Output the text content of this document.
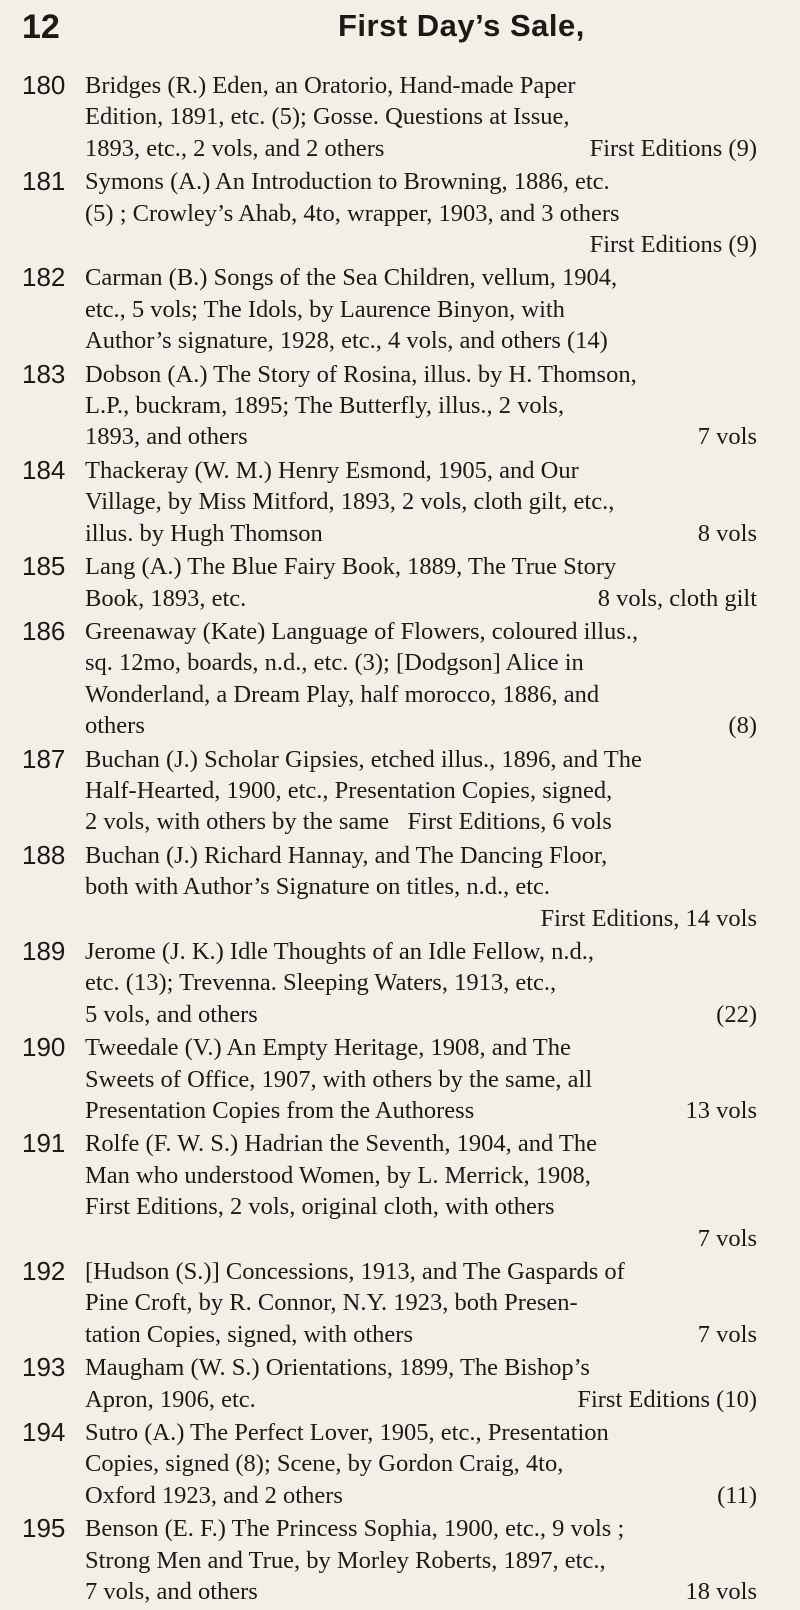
12	First Day’s Sale,
180 Bridges (R.) Eden, an Oratorio, Hand-made Paper
Edition, 1891, etc. (5); Gosse. Questions at Issue,
1893, etc., 2 vols, and 2 others	First Editions (9)
181 Symons (A.) An Introduction to Browning, 1886, etc.
(5) ; Crowley’s Ahab, 4to, wrapper, 1903, and 3 others
First Editions (9)
182 Carman (B.) Songs of the Sea Children, vellum, 1904,
etc., 5 vols; The Idols, by Laurence Binyon, with
Author’s signature, 1928, etc., 4 vols, and others (14)
183 Dobson (A.) The Story of Rosina, illus. by H. Thomson,
L.P., buckram, 1895; The Butterfly, illus., 2 vols,
1893, and others	7 vols
184 Thackeray (W. M.) Henry Esmond, 1905, and Our
Village, by Miss Mitford, 1893, 2 vols, cloth gilt, etc.,
illus. by Hugh Thomson	8 vols
185 Lang (A.) The Blue Fairy Book, 1889, The True Story
Book, 1893, etc.	8 vols, cloth gilt
186 Greenaway (Kate) Language of Flowers, coloured illus.,
sq. 12mo, boards, n.d., etc. (3); [Dodgson] Alice in
Wonderland, a Dream Play, half morocco, 1886, and
others	(8)
187 Buchan (J.) Scholar Gipsies, etched illus., 1896, and The
Half-Hearted, 1900, etc., Presentation Copies, signed,
2 vols, with others by the same   First Editions, 6 vols
188 Buchan (J.) Richard Hannay, and The Dancing Floor,
both with Author’s Signature on titles, n.d., etc.
First Editions, 14 vols
189 Jerome (J. K.) Idle Thoughts of an Idle Fellow, n.d.,
etc. (13); Trevenna. Sleeping Waters, 1913, etc.,
5 vols, and others	(22)
190 Tweedale (V.) An Empty Heritage, 1908, and The
Sweets of Office, 1907, with others by the same, all
Presentation Copies from the Authoress	13 vols
191 Rolfe (F. W. S.) Hadrian the Seventh, 1904, and The
Man who understood Women, by L. Merrick, 1908,
First Editions, 2 vols, original cloth, with others
7 vols
192 [Hudson (S.)] Concessions, 1913, and The Gaspards of
Pine Croft, by R. Connor, N.Y. 1923, both Presen-
tation Copies, signed, with others	7 vols
193 Maugham (W. S.) Orientations, 1899, The Bishop’s
Apron, 1906, etc.	First Editions (10)
194 Sutro (A.) The Perfect Lover, 1905, etc., Presentation
Copies, signed (8); Scene, by Gordon Craig, 4to,
Oxford 1923, and 2 others	(11)
195 Benson (E. F.) The Princess Sophia, 1900, etc., 9 vols ;
Strong Men and True, by Morley Roberts, 1897, etc.,
7 vols, and others	18 vols
